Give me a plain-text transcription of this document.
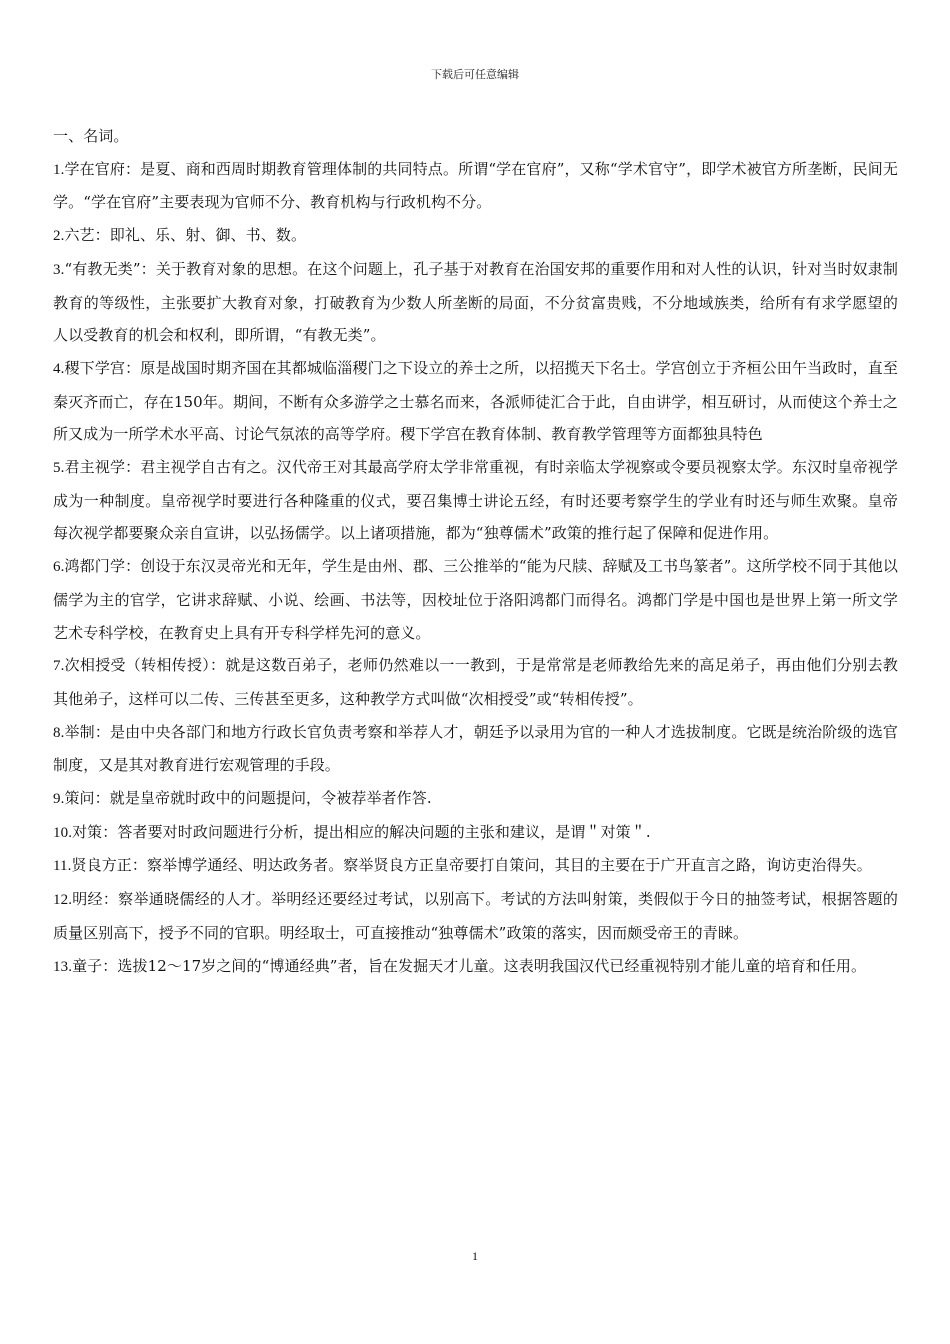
下载后可任意编辑

一、名词。

1.学在官府：是夏、商和西周时期教育管理体制的共同特点。所谓“学在官府”，又称“学术官守”，即学术被官方所垄断，民间无学。“学在官府”主要表现为官师不分、教育机构与行政机构不分。

2.六艺：即礼、乐、射、御、书、数。

3.“有教无类”：关于教育对象的思想。在这个问题上，孔子基于对教育在治国安邦的重要作用和对人性的认识，针对当时奴隶制教育的等级性，主张要扩大教育对象，打破教育为少数人所垄断的局面，不分贫富贵贱，不分地域族类，给所有有求学愿望的人以受教育的机会和权利，即所谓，“有教无类”。

4.稷下学宫：原是战国时期齐国在其都城临淄稷门之下设立的养士之所，以招揽天下名士。学宫创立于齐桓公田午当政时，直至秦灭齐而亡，存在150年。期间，不断有众多游学之士慕名而来，各派师徒汇合于此，自由讲学，相互研讨，从而使这个养士之所又成为一所学术水平高、讨论气氛浓的高等学府。稷下学宫在教育体制、教育教学管理等方面都独具特色

5.君主视学：君主视学自古有之。汉代帝王对其最高学府太学非常重视，有时亲临太学视察或令要员视察太学。东汉时皇帝视学成为一种制度。皇帝视学时要进行各种隆重的仪式，要召集博士讲论五经，有时还要考察学生的学业有时还与师生欢聚。皇帝每次视学都要聚众亲自宣讲，以弘扬儒学。以上诸项措施，都为“独尊儒术”政策的推行起了保障和促进作用。

6.鸿都门学：创设于东汉灵帝光和无年，学生是由州、郡、三公推举的“能为尺牍、辞赋及工书鸟篆者”。这所学校不同于其他以儒学为主的官学，它讲求辞赋、小说、绘画、书法等，因校址位于洛阳鸿都门而得名。鸿都门学是中国也是世界上第一所文学艺术专科学校，在教育史上具有开专科学样先河的意义。

7.次相授受（转相传授）：就是这数百弟子，老师仍然难以一一教到，于是常常是老师教给先来的高足弟子，再由他们分别去教其他弟子，这样可以二传、三传甚至更多，这种教学方式叫做“次相授受”或“转相传授”。

8.举制：是由中央各部门和地方行政长官负责考察和举荐人才，朝廷予以录用为官的一种人才选拔制度。它既是统治阶级的选官制度，又是其对教育进行宏观管理的手段。

9.策问：就是皇帝就时政中的问题提问，令被荐举者作答.

10.对策：答者要对时政问题进行分析，提出相应的解决问题的主张和建议，是谓＂对策＂.

11.贤良方正：察举博学通经、明达政务者。察举贤良方正皇帝要打自策问，其目的主要在于广开直言之路，询访吏治得失。

12.明经：察举通晓儒经的人才。举明经还要经过考试，以别高下。考试的方法叫射策，类假似于今日的抽签考试，根据答题的质量区别高下，授予不同的官职。明经取士，可直接推动“独尊儒术”政策的落实，因而颇受帝王的青睐。

13.童子：选拔12～17岁之间的“博通经典”者，旨在发掘天才儿童。这表明我国汉代已经重视特别才能儿童的培育和任用。

1
